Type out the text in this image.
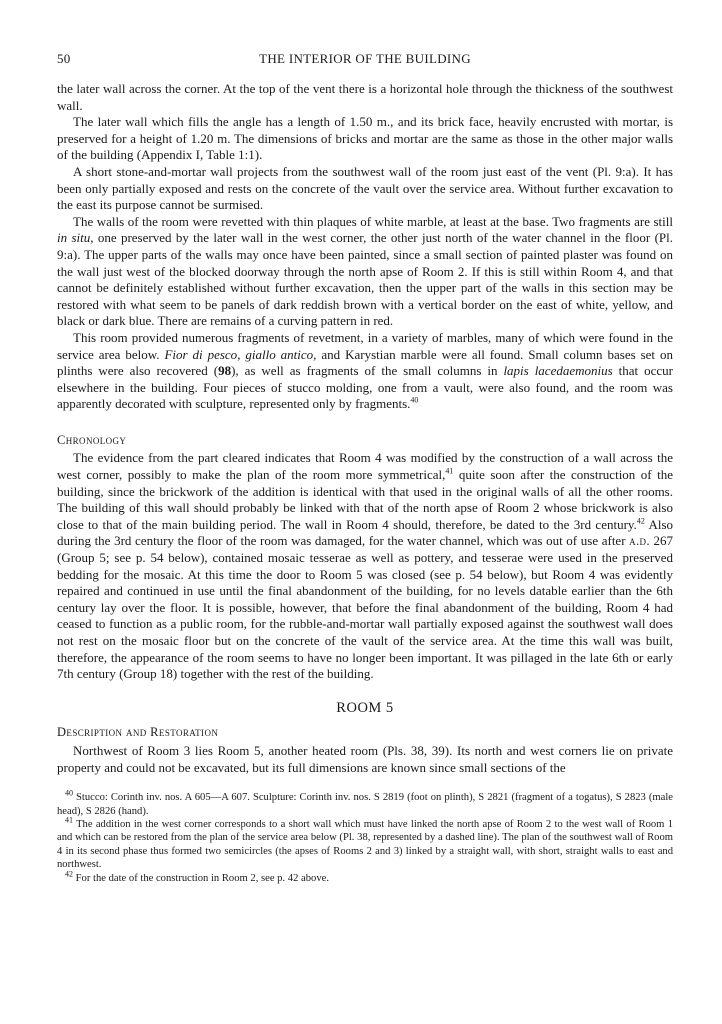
50	THE INTERIOR OF THE BUILDING

the later wall across the corner. At the top of the vent there is a horizontal hole through the thickness of the southwest wall.

The later wall which fills the angle has a length of 1.50 m., and its brick face, heavily encrusted with mortar, is preserved for a height of 1.20 m. The dimensions of bricks and mortar are the same as those in the other major walls of the building (Appendix I, Table 1:1).

A short stone-and-mortar wall projects from the southwest wall of the room just east of the vent (Pl. 9:a). It has been only partially exposed and rests on the concrete of the vault over the service area. Without further excavation to the east its purpose cannot be surmised.

The walls of the room were revetted with thin plaques of white marble, at least at the base. Two fragments are still in situ, one preserved by the later wall in the west corner, the other just north of the water channel in the floor (Pl. 9:a). The upper parts of the walls may once have been painted, since a small section of painted plaster was found on the wall just west of the blocked doorway through the north apse of Room 2. If this is still within Room 4, and that cannot be definitely established without further excavation, then the upper part of the walls in this section may be restored with what seem to be panels of dark reddish brown with a vertical border on the east of white, yellow, and black or dark blue. There are remains of a curving pattern in red.

This room provided numerous fragments of revetment, in a variety of marbles, many of which were found in the service area below. Fior di pesco, giallo antico, and Karystian marble were all found. Small column bases set on plinths were also recovered (98), as well as fragments of the small columns in lapis lacedaemonius that occur elsewhere in the building. Four pieces of stucco molding, one from a vault, were also found, and the room was apparently decorated with sculpture, represented only by fragments.$^{40}$

Chronology

The evidence from the part cleared indicates that Room 4 was modified by the construction of a wall across the west corner, possibly to make the plan of the room more symmetrical,$^{41}$ quite soon after the construction of the building, since the brickwork of the addition is identical with that used in the original walls of all the other rooms. The building of this wall should probably be linked with that of the north apse of Room 2 whose brickwork is also close to that of the main building period. The wall in Room 4 should, therefore, be dated to the 3rd century.$^{42}$ Also during the 3rd century the floor of the room was damaged, for the water channel, which was out of use after a.d. 267 (Group 5; see p. 54 below), contained mosaic tesserae as well as pottery, and tesserae were used in the preserved bedding for the mosaic. At this time the door to Room 5 was closed (see p. 54 below), but Room 4 was evidently repaired and continued in use until the final abandonment of the building, for no levels datable earlier than the 6th century lay over the floor. It is possible, however, that before the final abandonment of the building, Room 4 had ceased to function as a public room, for the rubble-and-mortar wall partially exposed against the southwest wall does not rest on the mosaic floor but on the concrete of the vault of the service area. At the time this wall was built, therefore, the appearance of the room seems to have no longer been important. It was pillaged in the late 6th or early 7th century (Group 18) together with the rest of the building.

ROOM 5
Description and Restoration

Northwest of Room 3 lies Room 5, another heated room (Pls. 38, 39). Its north and west corners lie on private property and could not be excavated, but its full dimensions are known since small sections of the

$^{40}$ Stucco: Corinth inv. nos. A 605—A 607. Sculpture: Corinth inv. nos. S 2819 (foot on plinth), S 2821 (fragment of a togatus), S 2823 (male head), S 2826 (hand).

$^{41}$ The addition in the west corner corresponds to a short wall which must have linked the north apse of Room 2 to the west wall of Room 1 and which can be restored from the plan of the service area below (Pl. 38, represented by a dashed line). The plan of the southwest wall of Room 4 in its second phase thus formed two semicircles (the apses of Rooms 2 and 3) linked by a straight wall, with short, straight walls to east and northwest.

$^{42}$ For the date of the construction in Room 2, see p. 42 above.
